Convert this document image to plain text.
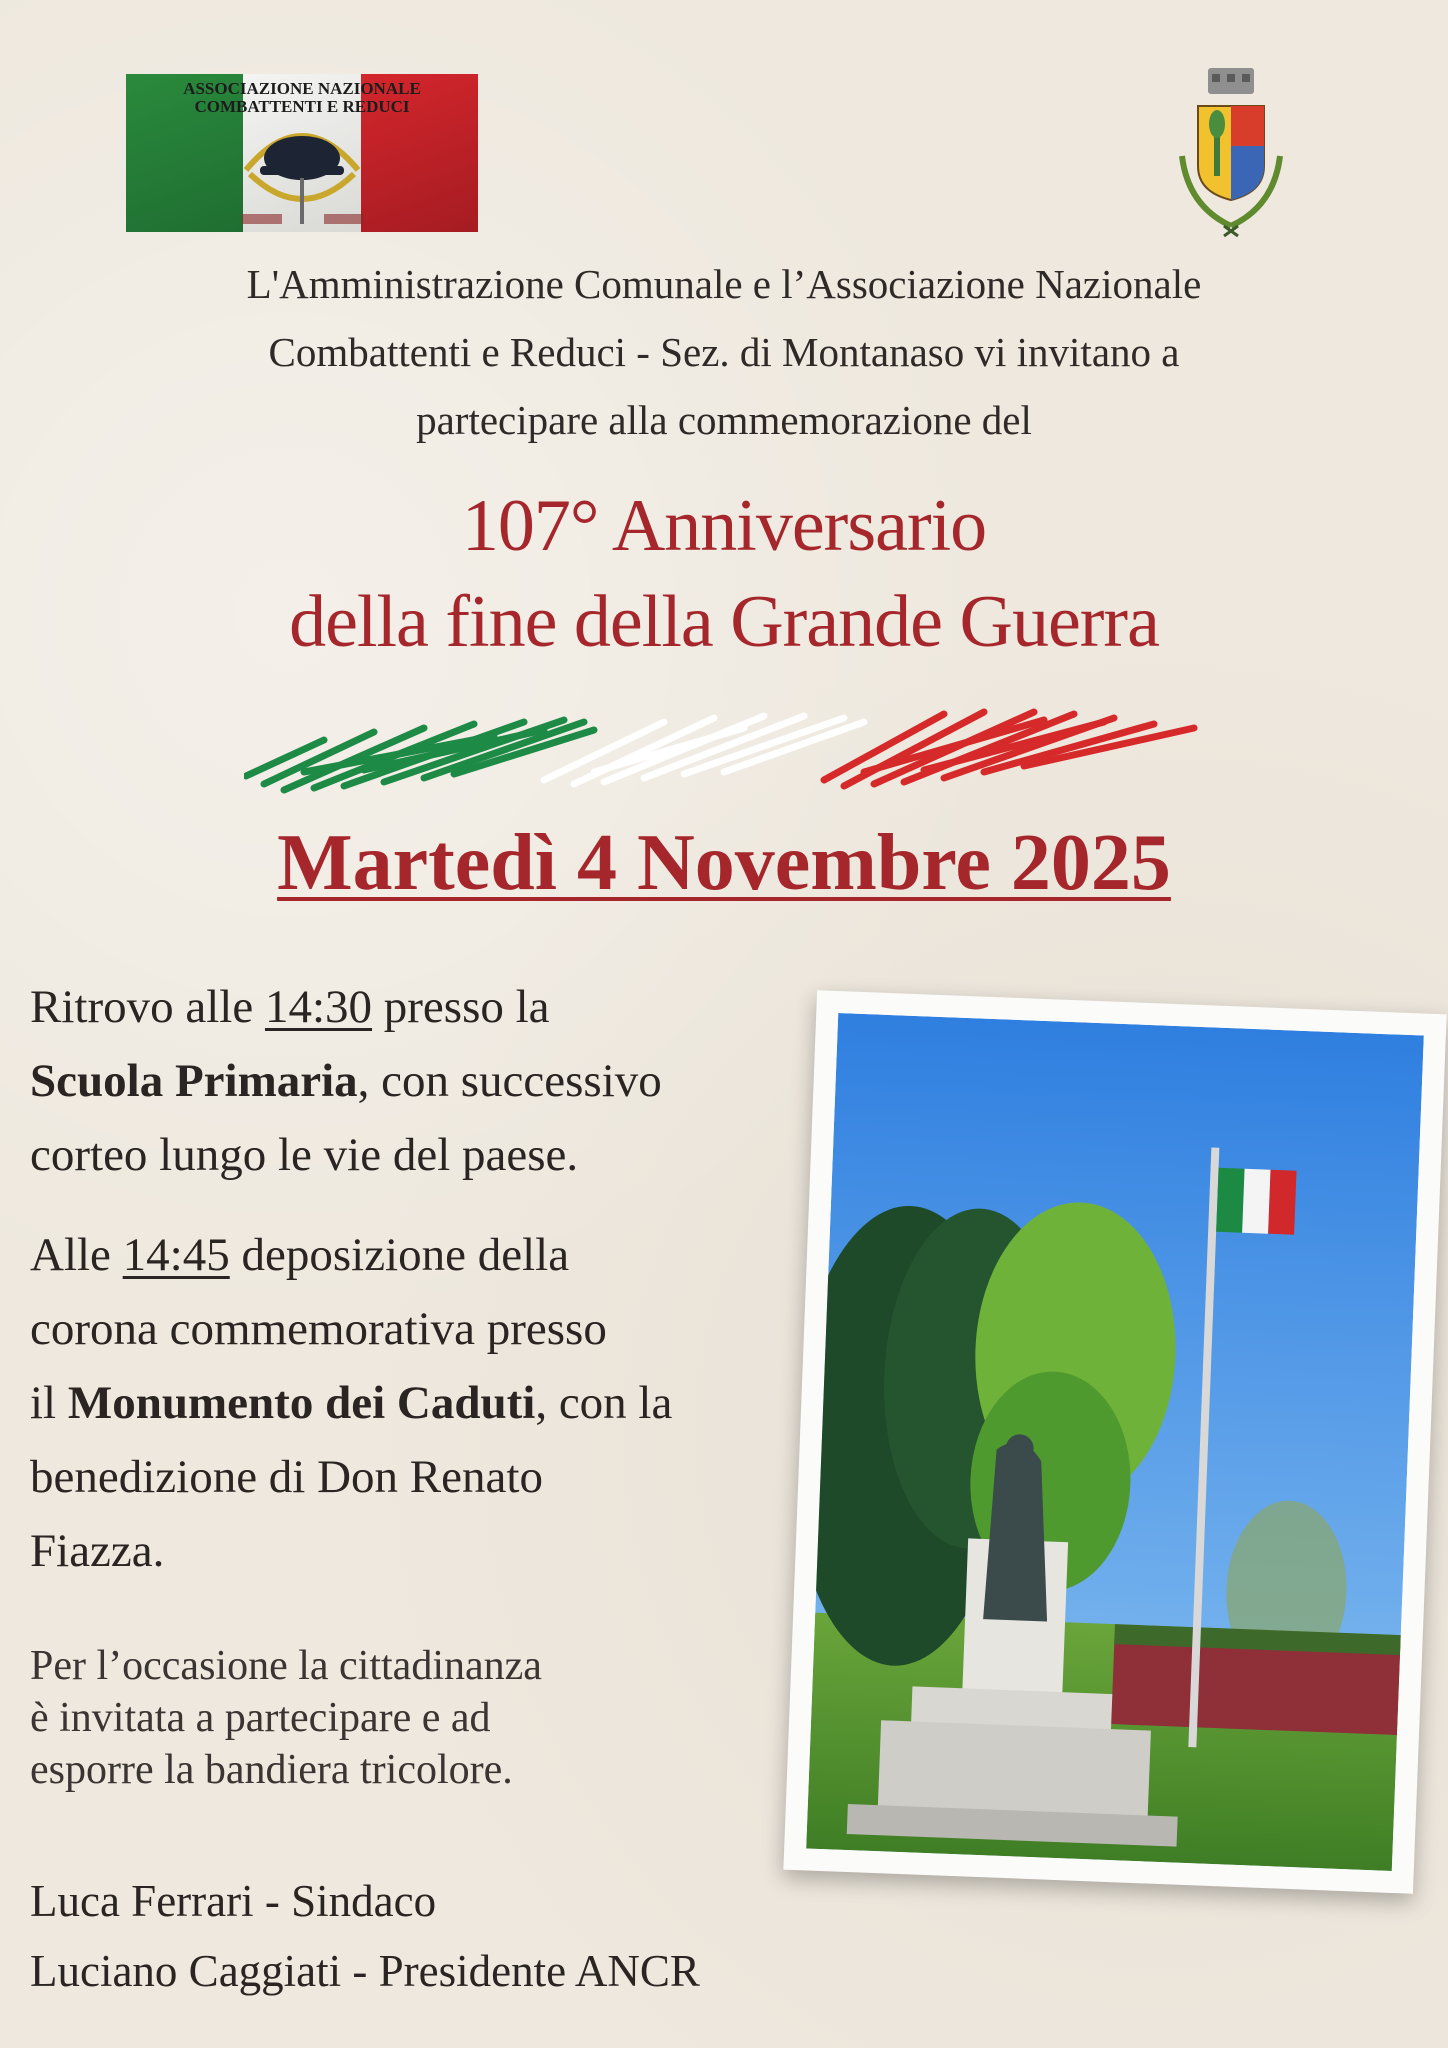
ASSOCIAZIONE NAZIONALE
COMBATTENTI E REDUCI
L'Amministrazione Comunale e l’Associazione Nazionale
Combattenti e Reduci - Sez. di Montanaso vi invitano a
partecipare alla commemorazione del
107° Anniversario
della fine della Grande Guerra
Martedì 4 Novembre 2025
Ritrovo alle 14:30 presso la
Scuola Primaria, con successivo
corteo lungo le vie del paese.
Alle 14:45 deposizione della
corona commemorativa presso
il Monumento dei Caduti, con la
benedizione di Don Renato
Fiazza.
Per l’occasione la cittadinanza
è invitata a partecipare e ad
esporre la bandiera tricolore.
Luca Ferrari - Sindaco
Luciano Caggiati - Presidente ANCR
